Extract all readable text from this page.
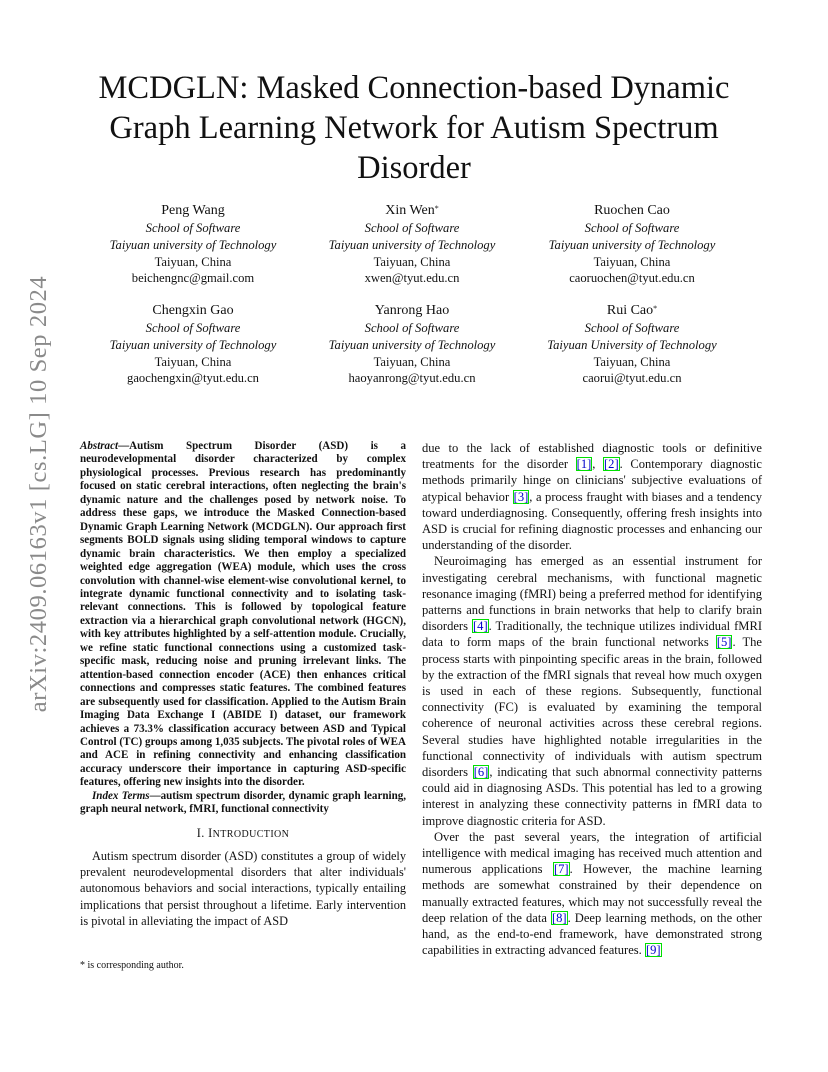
arXiv:2409.06163v1 [cs.LG] 10 Sep 2024
MCDGLN: Masked Connection-based Dynamic Graph Learning Network for Autism Spectrum Disorder
Peng Wang
School of Software
Taiyuan university of Technology
Taiyuan, China
beichengnc@gmail.com
Xin Wen*
School of Software
Taiyuan university of Technology
Taiyuan, China
xwen@tyut.edu.cn
Ruochen Cao
School of Software
Taiyuan university of Technology
Taiyuan, China
caoruochen@tyut.edu.cn
Chengxin Gao
School of Software
Taiyuan university of Technology
Taiyuan, China
gaochengxin@tyut.edu.cn
Yanrong Hao
School of Software
Taiyuan university of Technology
Taiyuan, China
haoyanrong@tyut.edu.cn
Rui Cao*
School of Software
Taiyuan University of Technology
Taiyuan, China
caorui@tyut.edu.cn
Abstract—Autism Spectrum Disorder (ASD) is a neurodevelopmental disorder characterized by complex physiological processes. Previous research has predominantly focused on static cerebral interactions, often neglecting the brain's dynamic nature and the challenges posed by network noise. To address these gaps, we introduce the Masked Connection-based Dynamic Graph Learning Network (MCDGLN). Our approach first segments BOLD signals using sliding temporal windows to capture dynamic brain characteristics. We then employ a specialized weighted edge aggregation (WEA) module, which uses the cross convolution with channel-wise element-wise convolutional kernel, to integrate dynamic functional connectivity and to isolating task-relevant connections. This is followed by topological feature extraction via a hierarchical graph convolutional network (HGCN), with key attributes highlighted by a self-attention module. Crucially, we refine static functional connections using a customized task-specific mask, reducing noise and pruning irrelevant links. The attention-based connection encoder (ACE) then enhances critical connections and compresses static features. The combined features are subsequently used for classification. Applied to the Autism Brain Imaging Data Exchange I (ABIDE I) dataset, our framework achieves a 73.3% classification accuracy between ASD and Typical Control (TC) groups among 1,035 subjects. The pivotal roles of WEA and ACE in refining connectivity and enhancing classification accuracy underscore their importance in capturing ASD-specific features, offering new insights into the disorder.
Index Terms—autism spectrum disorder, dynamic graph learning, graph neural network, fMRI, functional connectivity
I. INTRODUCTION

Autism spectrum disorder (ASD) constitutes a group of widely prevalent neurodevelopmental disorders that alter individuals' autonomous behaviors and social interactions, typically entailing implications that persist throughout a lifetime. Early intervention is pivotal in alleviating the impact of ASD

* is corresponding author.

due to the lack of established diagnostic tools or definitive treatments for the disorder [1], [2]. Contemporary diagnostic methods primarily hinge on clinicians' subjective evaluations of atypical behavior [3], a process fraught with biases and a tendency toward underdiagnosing. Consequently, offering fresh insights into ASD is crucial for refining diagnostic processes and enhancing our understanding of the disorder.

Neuroimaging has emerged as an essential instrument for investigating cerebral mechanisms, with functional magnetic resonance imaging (fMRI) being a preferred method for identifying patterns and functions in brain networks that help to clarify brain disorders [4]. Traditionally, the technique utilizes individual fMRI data to form maps of the brain functional networks [5]. The process starts with pinpointing specific areas in the brain, followed by the extraction of the fMRI signals that reveal how much oxygen is used in each of these regions. Subsequently, functional connectivity (FC) is evaluated by examining the temporal coherence of neuronal activities across these cerebral regions. Several studies have highlighted notable irregularities in the functional connectivity of individuals with autism spectrum disorders [6], indicating that such abnormal connectivity patterns could aid in diagnosing ASDs. This potential has led to a growing interest in analyzing these connectivity patterns in fMRI data to improve diagnostic criteria for ASD.

Over the past several years, the integration of artificial intelligence with medical imaging has received much attention and numerous applications [7]. However, the machine learning methods are somewhat constrained by their dependence on manually extracted features, which may not successfully reveal the deep relation of the data [8]. Deep learning methods, on the other hand, as the end-to-end framework, have demonstrated strong capabilities in extracting advanced features. [9]
